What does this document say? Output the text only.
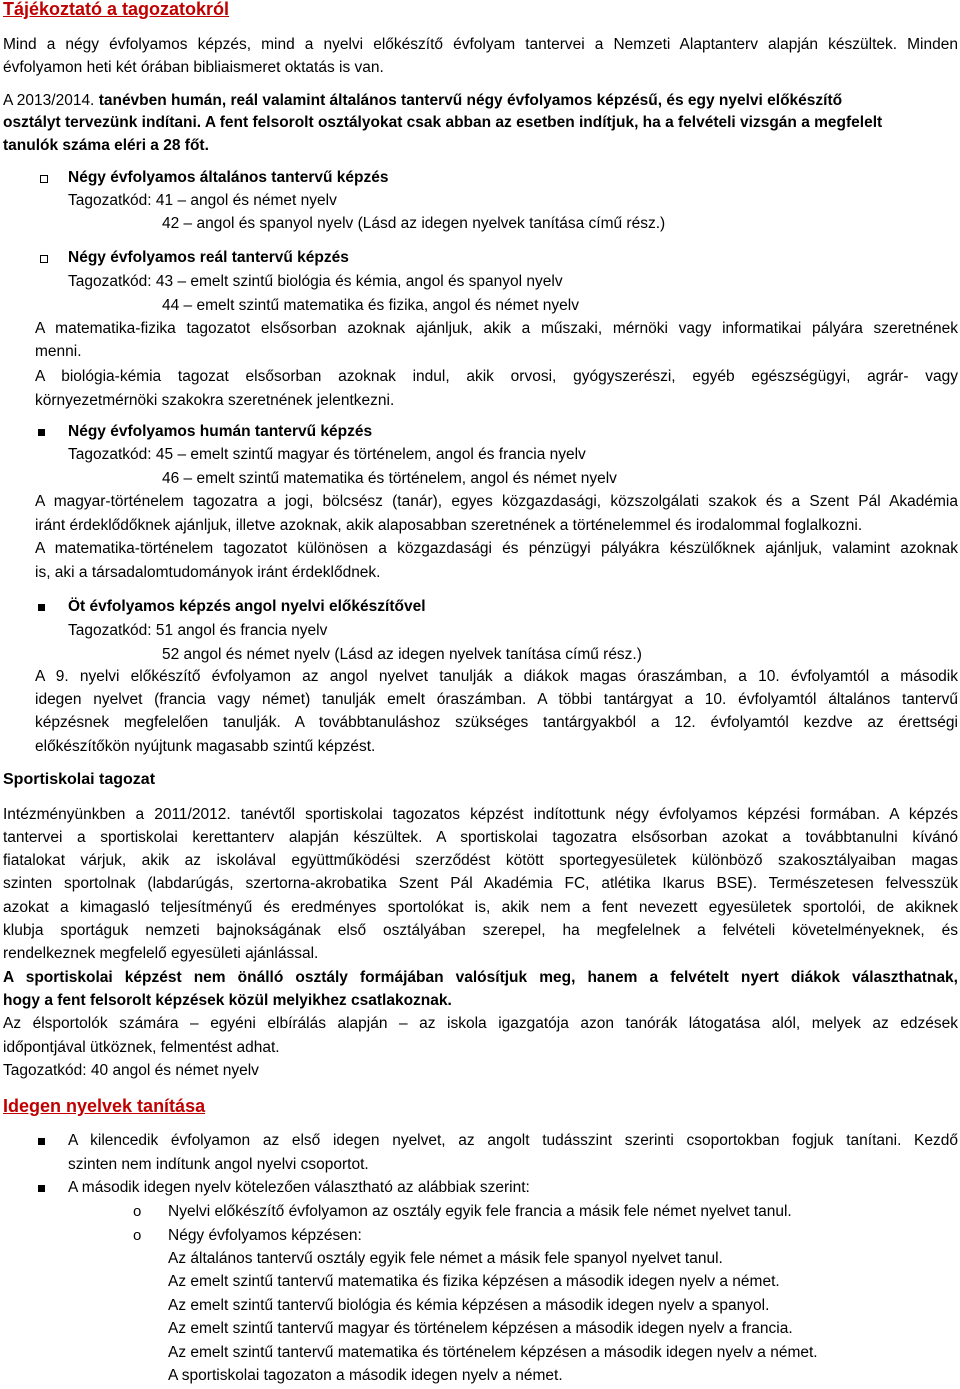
Tájékoztató a tagozatokról
Mind a négy évfolyamos képzés, mind a nyelvi előkészítő évfolyam tantervei a Nemzeti Alaptanterv alapján készültek. Minden
évfolyamon heti két órában bibliaismeret oktatás is van.
A 2013/2014. tanévben humán, reál valamint általános tantervű négy évfolyamos képzésű, és egy nyelvi előkészítő
osztályt tervezünk indítani. A fent felsorolt osztályokat csak abban az esetben indítjuk, ha a felvételi vizsgán a megfelelt
tanulók száma eléri a 28 főt.
Négy évfolyamos általános tantervű képzés
Tagozatkód: 41 – angol és német nyelv
42 – angol és spanyol nyelv (Lásd az idegen nyelvek tanítása című rész.)
Négy évfolyamos reál tantervű képzés
Tagozatkód: 43 – emelt szintű biológia és kémia, angol és spanyol nyelv
44 – emelt szintű matematika és fizika, angol és német nyelv
A matematika-fizika tagozatot elsősorban azoknak ajánljuk, akik a műszaki, mérnöki vagy informatikai pályára szeretnének
menni.
A biológia-kémia tagozat elsősorban azoknak indul, akik orvosi, gyógyszerészi, egyéb egészségügyi, agrár- vagy
környezetmérnöki szakokra szeretnének jelentkezni.
Négy évfolyamos humán tantervű képzés
Tagozatkód: 45 – emelt szintű magyar és történelem, angol és francia nyelv
46 – emelt szintű matematika és történelem, angol és német nyelv
A magyar-történelem tagozatra a jogi, bölcsész (tanár), egyes közgazdasági, közszolgálati szakok és a Szent Pál Akadémia
iránt érdeklődőknek ajánljuk, illetve azoknak, akik alaposabban szeretnének a történelemmel és irodalommal foglalkozni.
A matematika-történelem tagozatot különösen a közgazdasági és pénzügyi pályákra készülőknek ajánljuk, valamint azoknak
is, aki a társadalomtudományok iránt érdeklődnek.
Öt évfolyamos képzés angol nyelvi előkészítővel
Tagozatkód: 51 angol és francia nyelv
52 angol és német nyelv (Lásd az idegen nyelvek tanítása című rész.)
A 9. nyelvi előkészítő évfolyamon az angol nyelvet tanulják a diákok magas óraszámban, a 10. évfolyamtól a második
idegen nyelvet (francia vagy német) tanulják emelt óraszámban. A többi tantárgyat a 10. évfolyamtól általános tantervű
képzésnek megfelelően tanulják. A továbbtanuláshoz szükséges tantárgyakból a 12. évfolyamtól kezdve az érettségi
előkészítőkön nyújtunk magasabb szintű képzést.
Sportiskolai tagozat
Intézményünkben a 2011/2012. tanévtől sportiskolai tagozatos képzést indítottunk négy évfolyamos képzési formában. A képzés
tantervei a sportiskolai kerettanterv alapján készültek. A sportiskolai tagozatra elsősorban azokat a továbbtanulni kívánó
fiatalokat várjuk, akik az iskolával együttműködési szerződést kötött sportegyesületek különböző szakosztályaiban magas
szinten sportolnak (labdarúgás, szertorna-akrobatika Szent Pál Akadémia FC, atlétika Ikarus BSE). Természetesen felvesszük
azokat a kimagasló teljesítményű és eredményes sportolókat is, akik nem a fent nevezett egyesületek sportolói, de akiknek
klubja sportáguk nemzeti bajnokságának első osztályában szerepel, ha megfelelnek a felvételi követelményeknek, és
rendelkeznek megfelelő egyesületi ajánlással.
A sportiskolai képzést nem önálló osztály formájában valósítjuk meg, hanem a felvételt nyert diákok választhatnak,
hogy a fent felsorolt képzések közül melyikhez csatlakoznak.
Az élsportolók számára – egyéni elbírálás alapján – az iskola igazgatója azon tanórák látogatása alól, melyek az edzések
időpontjával ütköznek, felmentést adhat.
Tagozatkód: 40 angol és német nyelv
Idegen nyelvek tanítása
A kilencedik évfolyamon az első idegen nyelvet, az angolt tudásszint szerinti csoportokban fogjuk tanítani. Kezdő
szinten nem indítunk angol nyelvi csoportot.
A második idegen nyelv kötelezően választható az alábbiak szerint:
o Nyelvi előkészítő évfolyamon az osztály egyik fele francia a másik fele német nyelvet tanul.
o Négy évfolyamos képzésen:
Az általános tantervű osztály egyik fele német a másik fele spanyol nyelvet tanul.
Az emelt szintű tantervű matematika és fizika képzésen a második idegen nyelv a német.
Az emelt szintű tantervű biológia és kémia képzésen a második idegen nyelv a spanyol.
Az emelt szintű tantervű magyar és történelem képzésen a második idegen nyelv a francia.
Az emelt szintű tantervű matematika és történelem képzésen a második idegen nyelv a német.
A sportiskolai tagozaton a második idegen nyelv a német.
